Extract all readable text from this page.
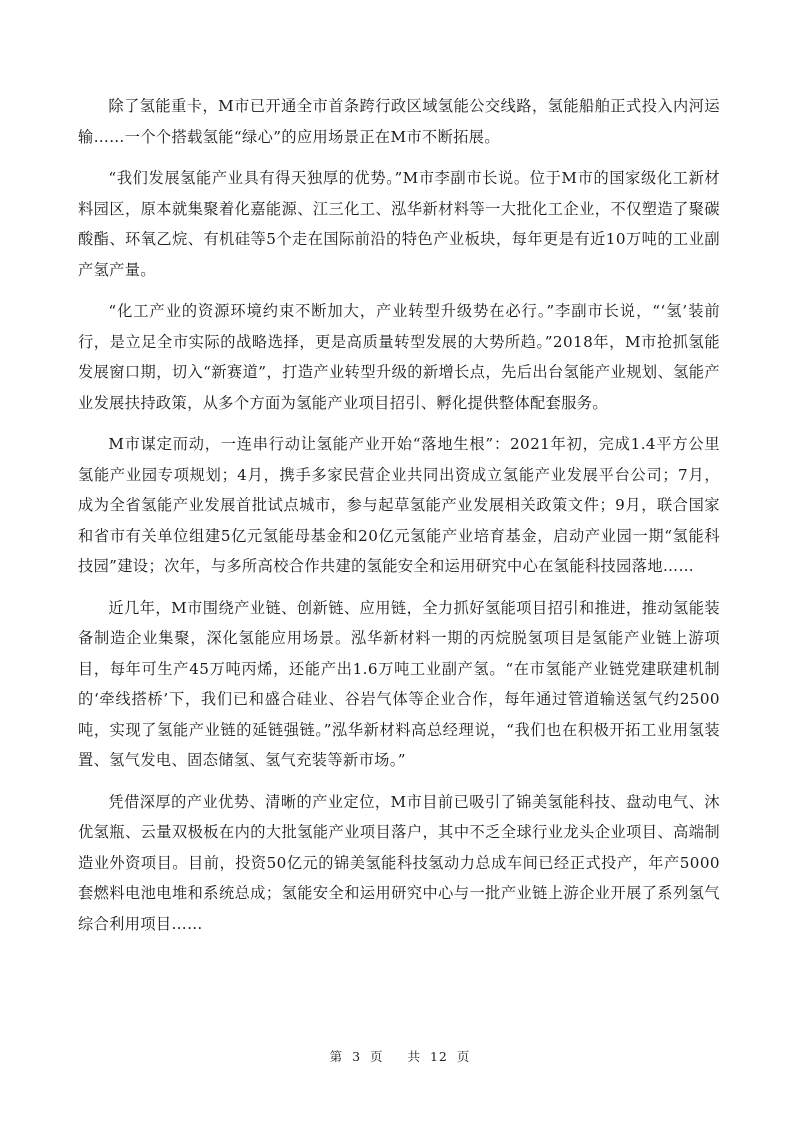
除了氢能重卡，M市已开通全市首条跨行政区域氢能公交线路，氢能船舶正式投入内河运输……一个个搭载氢能“绿心”的应用场景正在M市不断拓展。

“我们发展氢能产业具有得天独厚的优势。”M市李副市长说。位于M市的国家级化工新材料园区，原本就集聚着化嘉能源、江三化工、泓华新材料等一大批化工企业，不仅塑造了聚碳酸酯、环氧乙烷、有机硅等5个走在国际前沿的特色产业板块，每年更是有近10万吨的工业副产氢产量。

“化工产业的资源环境约束不断加大，产业转型升级势在必行。”李副市长说，“‘氢’装前行，是立足全市实际的战略选择，更是高质量转型发展的大势所趋。”2018年，M市抢抓氢能发展窗口期，切入“新赛道”，打造产业转型升级的新增长点，先后出台氢能产业规划、氢能产业发展扶持政策，从多个方面为氢能产业项目招引、孵化提供整体配套服务。

M市谋定而动，一连串行动让氢能产业开始“落地生根”：2021年初，完成1.4平方公里氢能产业园专项规划；4月，携手多家民营企业共同出资成立氢能产业发展平台公司；7月，成为全省氢能产业发展首批试点城市，参与起草氢能产业发展相关政策文件；9月，联合国家和省市有关单位组建5亿元氢能母基金和20亿元氢能产业培育基金，启动产业园一期“氢能科技园”建设；次年，与多所高校合作共建的氢能安全和运用研究中心在氢能科技园落地……

近几年，M市围绕产业链、创新链、应用链，全力抓好氢能项目招引和推进，推动氢能装备制造企业集聚，深化氢能应用场景。泓华新材料一期的丙烷脱氢项目是氢能产业链上游项目，每年可生产45万吨丙烯，还能产出1.6万吨工业副产氢。“在市氢能产业链党建联建机制的‘牵线搭桥’下，我们已和盛合硅业、谷岩气体等企业合作，每年通过管道输送氢气约2500吨，实现了氢能产业链的延链强链。”泓华新材料高总经理说，“我们也在积极开拓工业用氢装置、氢气发电、固态储氢、氢气充装等新市场。”

凭借深厚的产业优势、清晰的产业定位，M市目前已吸引了锦美氢能科技、盘动电气、沐优氢瓶、云量双极板在内的大批氢能产业项目落户，其中不乏全球行业龙头企业项目、高端制造业外资项目。目前，投资50亿元的锦美氢能科技氢动力总成车间已经正式投产，年产5000套燃料电池电堆和系统总成；氢能安全和运用研究中心与一批产业链上游企业开展了系列氢气综合利用项目……

第 3 页 共 12 页
